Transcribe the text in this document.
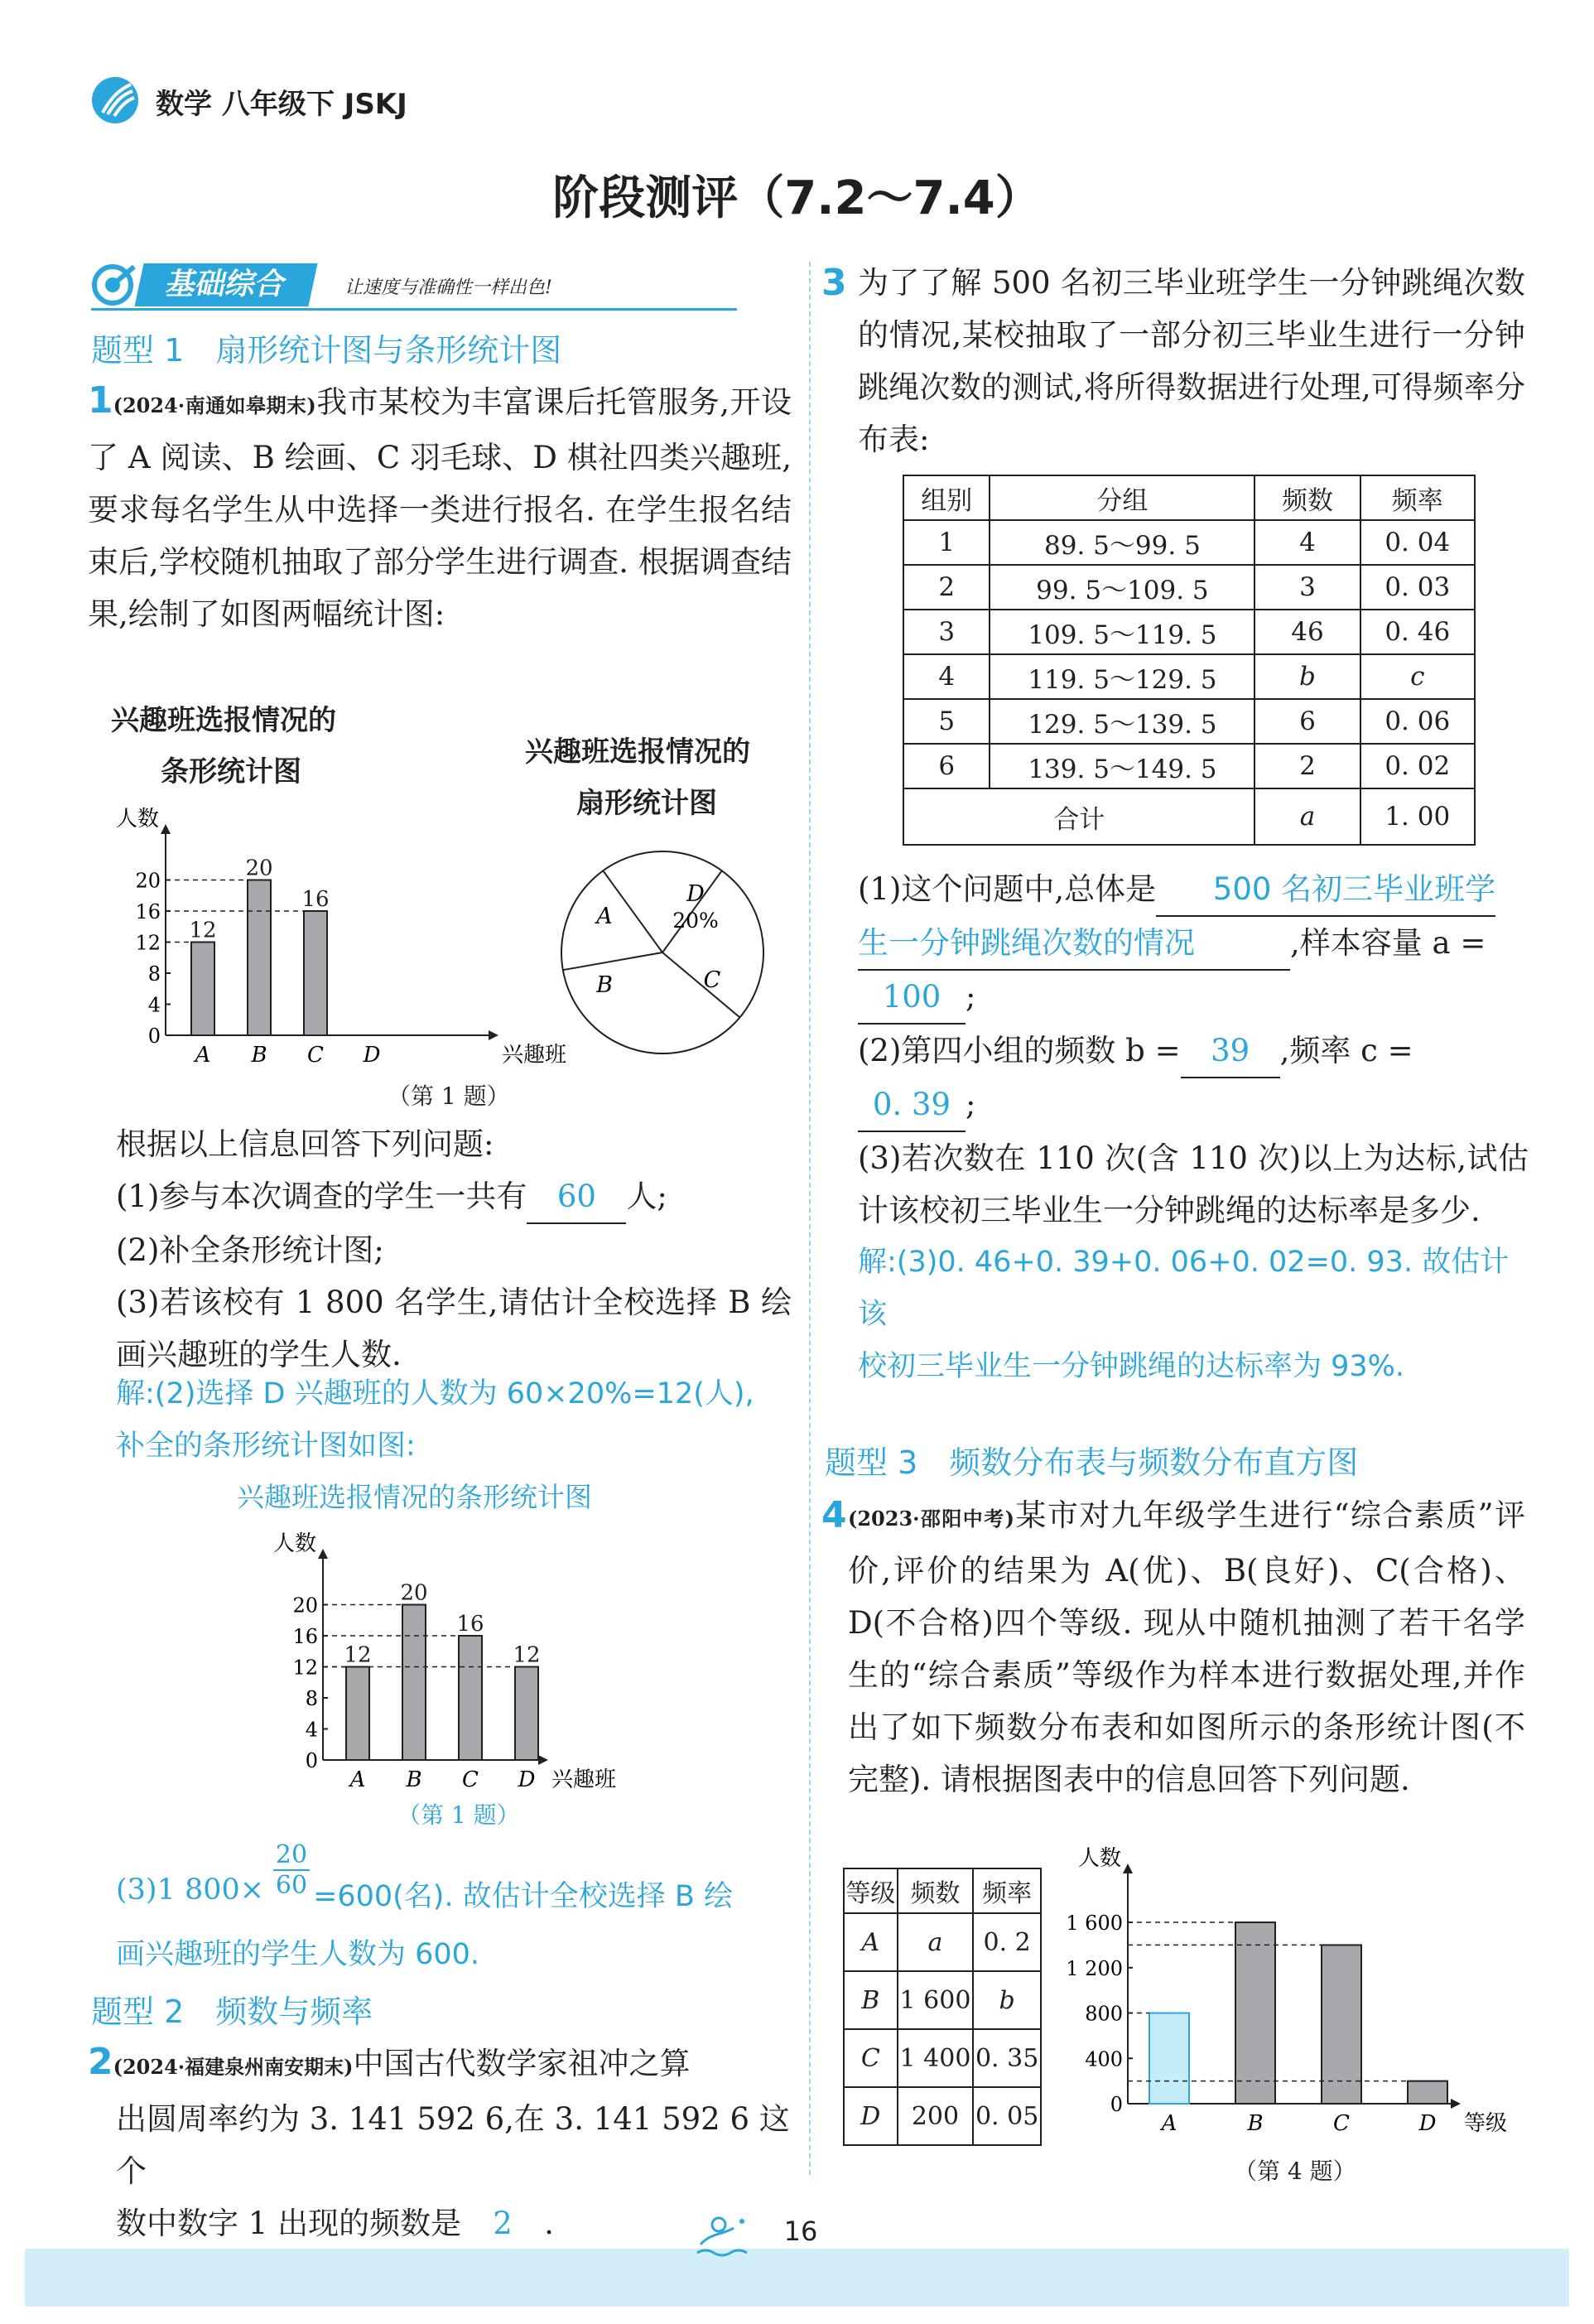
数学 八年级下 JSKJ
阶段测评（7.2～7.4）
基础综合	让速度与准确性一样出色!
题型 1　扇形统计图与条形统计图
1(2024·南通如皋期末)我市某校为丰富课后托管服务,开设了 A 阅读、B 绘画、C 羽毛球、D 棋社四类兴趣班,要求每名学生从中选择一类进行报名. 在学生报名结束后,学校随机抽取了部分学生进行调查. 根据调查结果,绘制了如图两幅统计图:
兴趣班选报情况的
条形统计图
兴趣班选报情况的
扇形统计图
人数
兴趣班
0
4
8
12
16
20
12
A
20
B
16
C D
A
B	C
D
20%
（第 1 题）
根据以上信息回答下列问题:
(1)参与本次调查的学生一共有 60 人;
(2)补全条形统计图;
(3)若该校有 1 800 名学生,请估计全校选择 B 绘画兴趣班的学生人数.
解:(2)选择 D 兴趣班的人数为 60×20%=12(人),
补全的条形统计图如图:
兴趣班选报情况的条形统计图
人数
兴趣班
0
4
8
12
16
20
12
A
20
B
16
C
12
D
（第 1 题）
(3)1 $800\times \frac{20}{60} =600$(名). 故估计全校选择 B 绘
画兴趣班的学生人数为 600.
题型 2　频数与频率
2(2024·福建泉州南安期末)中国古代数学家祖冲之算
出圆周率约为 3. 141 592 6,在 3. 141 592 6 这个
数中数字 1 出现的频数是 2 .
3 为了了解 500 名初三毕业班学生一分钟跳绳次数的情况,某校抽取了一部分初三毕业生进行一分钟跳绳次数的测试,将所得数据进行处理,可得频率分布表:
组别	分组	频数	频率
1	89. 5～99. 5	4	0. 04
2	99. 5～109. 5	3	0. 03
3	109. 5～119. 5	46	0. 46
4	119. 5～129. 5	b	c
5	129. 5～139. 5	6	0. 06
6	139. 5～149. 5	2	0. 02
合计		a	1. 00
(1)这个问题中,总体是 500 名初三毕业班学
生一分钟跳绳次数的情况	,样本容量 a =
100 ;
(2)第四小组的频数 b = 39 ,频率 c =
0. 39 ;
(3)若次数在 110 次(含 110 次)以上为达标,试估计该校初三毕业生一分钟跳绳的达标率是多少.
解:(3)0. 46+0. 39+0. 06+0. 02=0. 93. 故估计该
校初三毕业生一分钟跳绳的达标率为 93%.
题型 3　频数分布表与频数分布直方图
4 (2023·邵阳中考)某市对九年级学生进行“综合素质”评价,评价的结果为 A(优)、B(良好)、C(合格)、D(不合格)四个等级. 现从中随机抽测了若干名学生的“综合素质”等级作为样本进行数据处理,并作出了如下频数分布表和如图所示的条形统计图(不完整). 请根据图表中的信息回答下列问题.
等级	频数	频率
A	a	0. 2
B	1 600	b
C	1 400	0. 35
D	200	0. 05
人数
等级
0
400
800
1 200
1 600
A	B	C	D
（第 4 题）
16
